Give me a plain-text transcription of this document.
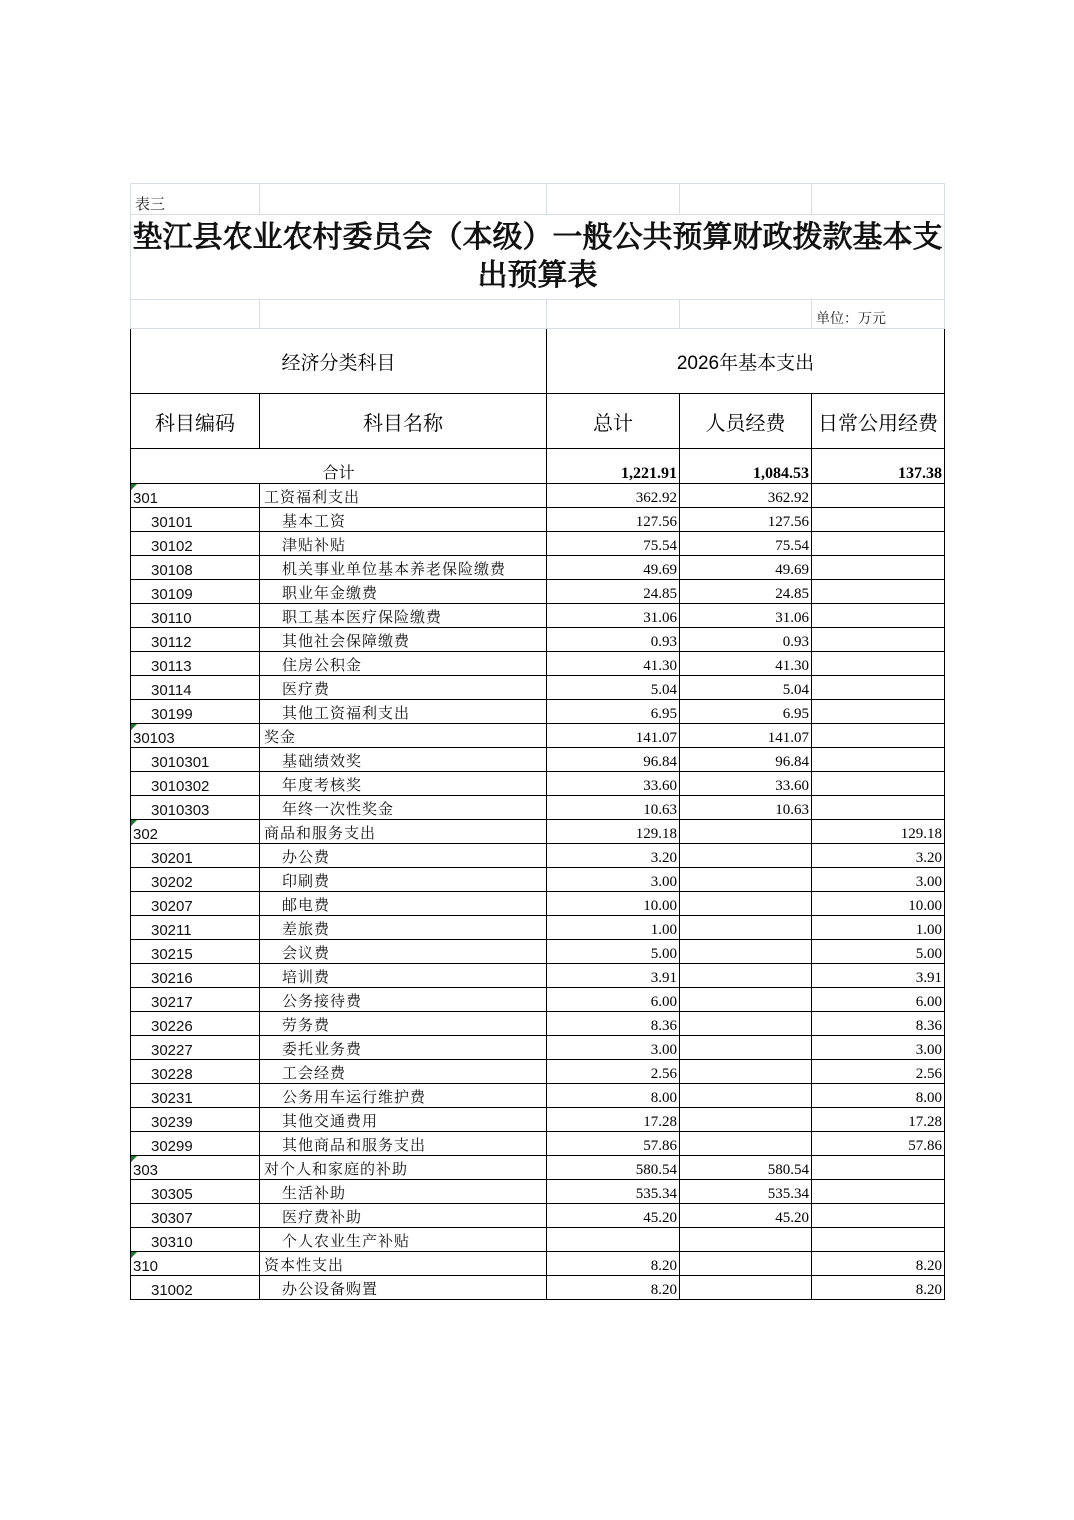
表三				
垫江县农业农村委员会（本级）一般公共预算财政拨款基本支出预算表				
				单位：万元
经济分类科目		2026年基本支出		
科目编码	科目名称	总计	人员经费	日常公用经费
合计		1,221.91	1,084.53	137.38

301	工资福利支出	362.92	362.92	
30101	基本工资	127.56	127.56	
30102	津贴补贴	75.54	75.54	
30108	机关事业单位基本养老保险缴费	49.69	49.69	
30109	职业年金缴费	24.85	24.85	
30110	职工基本医疗保险缴费	31.06	31.06	
30112	其他社会保障缴费	0.93	0.93	
30113	住房公积金	41.30	41.30	
30114	医疗费	5.04	5.04	
30199	其他工资福利支出	6.95	6.95	

30103	奖金	141.07	141.07	
3010301	基础绩效奖	96.84	96.84	
3010302	年度考核奖	33.60	33.60	
3010303	年终一次性奖金	10.63	10.63	

302	商品和服务支出	129.18		129.18
30201	办公费	3.20		3.20
30202	印刷费	3.00		3.00
30207	邮电费	10.00		10.00
30211	差旅费	1.00		1.00
30215	会议费	5.00		5.00
30216	培训费	3.91		3.91
30217	公务接待费	6.00		6.00
30226	劳务费	8.36		8.36
30227	委托业务费	3.00		3.00
30228	工会经费	2.56		2.56
30231	公务用车运行维护费	8.00		8.00
30239	其他交通费用	17.28		17.28
30299	其他商品和服务支出	57.86		57.86

303	对个人和家庭的补助	580.54	580.54	
30305	生活补助	535.34	535.34	
30307	医疗费补助	45.20	45.20	
30310	个人农业生产补贴			

310	资本性支出	8.20		8.20
31002	办公设备购置	8.20		8.20
